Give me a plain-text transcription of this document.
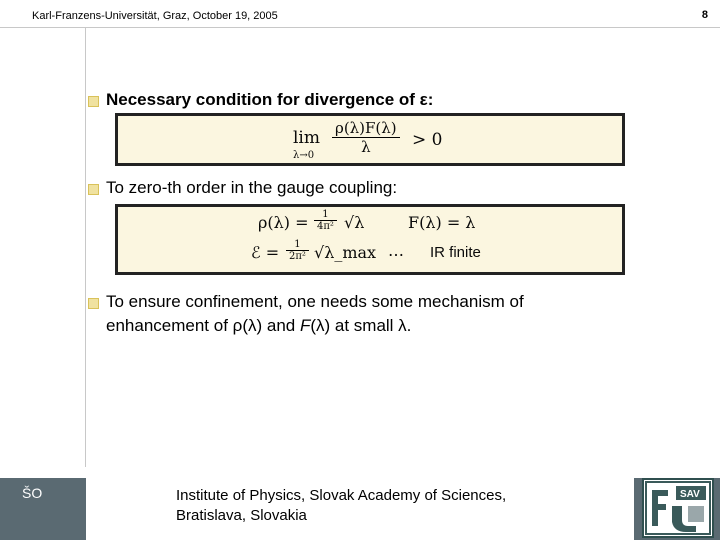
Karl-Franzens-Universität, Graz, October 19, 2005	8
Necessary condition for divergence of ε:
lim
$\lambda\to 0 \frac{\rho(\lambda)F(\lambda)}{\lambda} > 0$
To zero-th order in the gauge coupling:
$\rho(\lambda) = \frac{1}{\text{4π²}} √\lambda$	F(λ) = λ
ℰ = $\frac{1}{\text{2π²}}$ √λ_max … IR finite
To ensure confinement, one needs some mechanism of
enhancement of ρ(λ) and F(λ) at small λ.
ŠO	Institute of Physics, Slovak Academy of Sciences,
Bratislava, Slovakia
SAV
